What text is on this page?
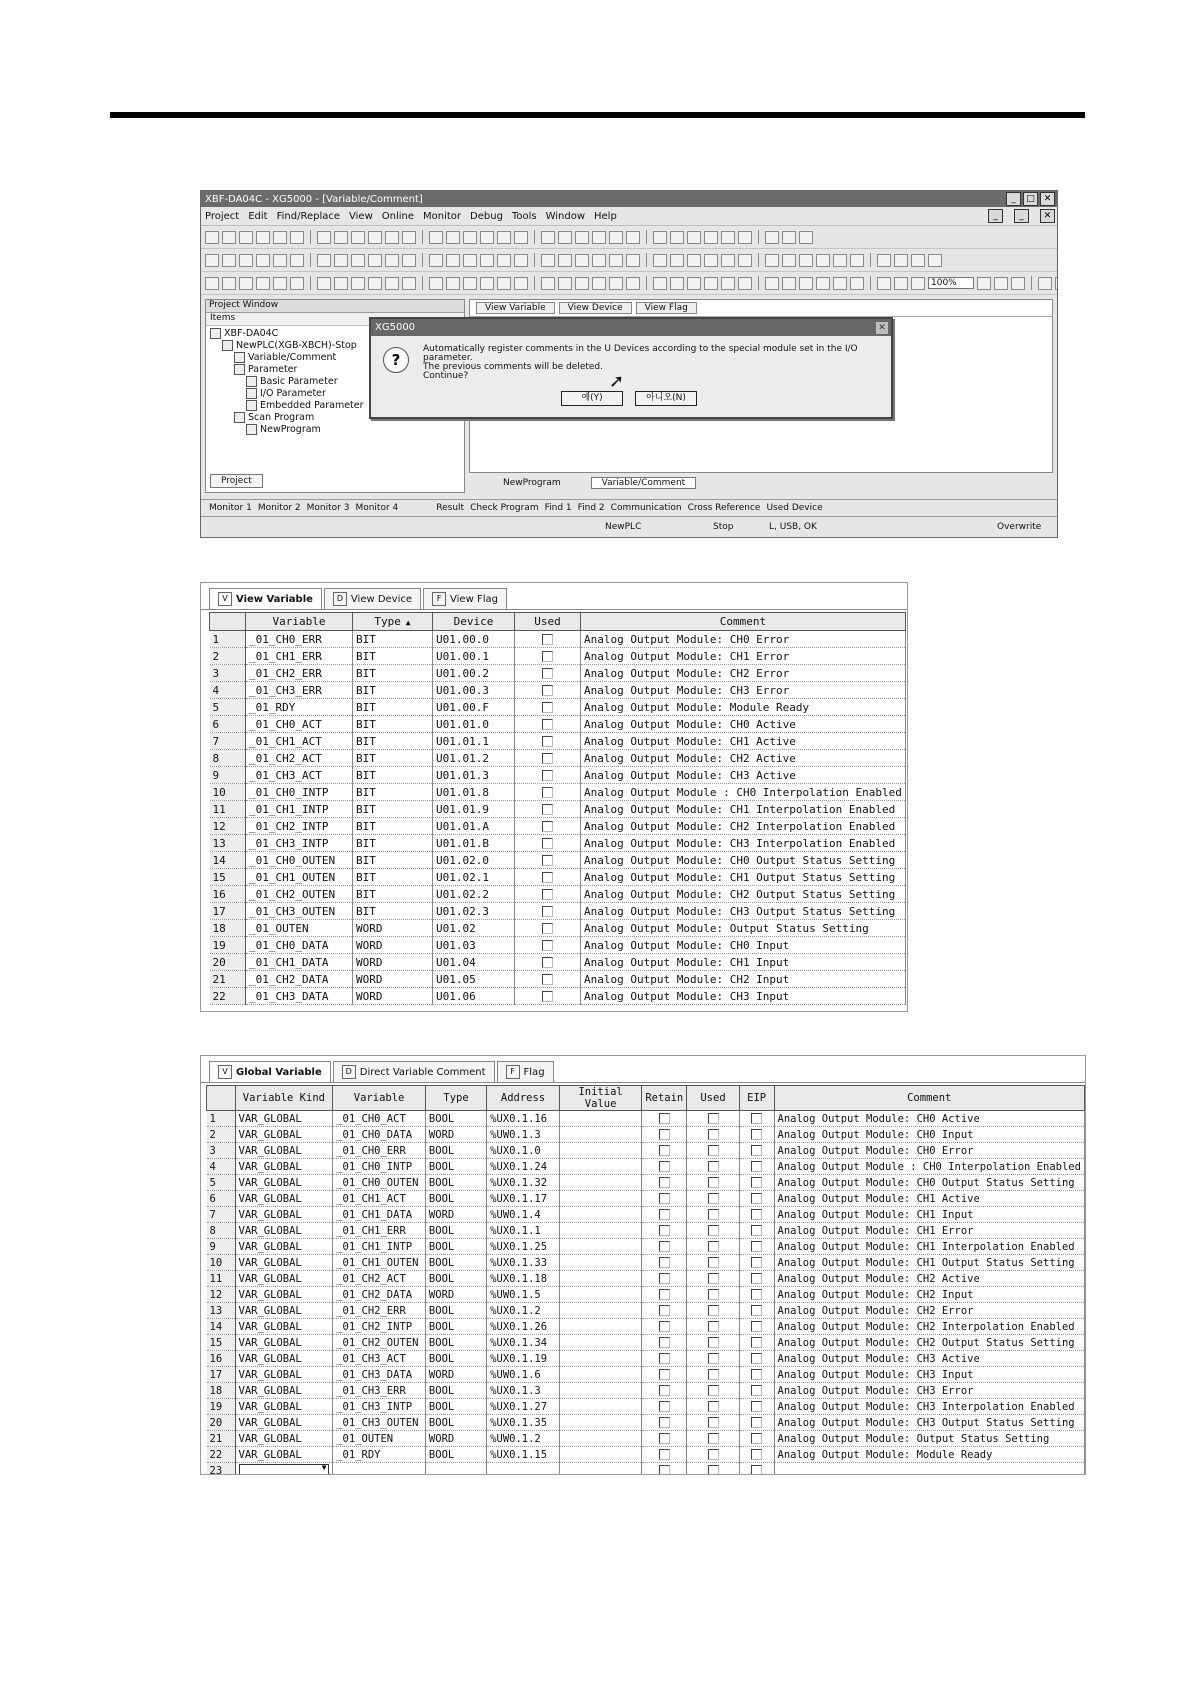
XBF-DA04C - XG5000 - [Variable/Comment]	_	□ ✕
Project Edit Find/Replace View Online Monitor Debug Tools Window Help	_	_	✕
100%
Project Window
Items
XBF-DA04C
NewPLC(XGB-XBCH)-Stop
Variable/Comment
Parameter
Basic Parameter
I/O Parameter
Embedded Parameter
Scan Program
NewProgram
Project
View Variable	View Device	View Flag
NewProgram	Variable/Comment
Monitor 1 Monitor 2 Monitor 3 Monitor 4	Result Check Program Find 1 Find 2 Communication Cross Reference Used Device
NewPLC	Stop	L, USB, OK	Overwrite
XG5000	✕
?
Automatically register comments in the U Devices according to the special module set in the I/O parameter.
The previous comments will be deleted.
Continue?
예(Y)	아니오(N)
➚
V View Variable	D View Device	F View Flag
	Variable	Type ▲	Device	Used	Comment
1	_01_CH0_ERR	BIT	U01.00.0		Analog Output Module: CH0 Error
2	_01_CH1_ERR	BIT	U01.00.1		Analog Output Module: CH1 Error
3	_01_CH2_ERR	BIT	U01.00.2		Analog Output Module: CH2 Error
4	_01_CH3_ERR	BIT	U01.00.3		Analog Output Module: CH3 Error
5	_01_RDY	BIT	U01.00.F		Analog Output Module: Module Ready
6	_01_CH0_ACT	BIT	U01.01.0		Analog Output Module: CH0 Active
7	_01_CH1_ACT	BIT	U01.01.1		Analog Output Module: CH1 Active
8	_01_CH2_ACT	BIT	U01.01.2		Analog Output Module: CH2 Active
9	_01_CH3_ACT	BIT	U01.01.3		Analog Output Module: CH3 Active
10	_01_CH0_INTP	BIT	U01.01.8		Analog Output Module : CH0 Interpolation Enabled
11	_01_CH1_INTP	BIT	U01.01.9		Analog Output Module: CH1 Interpolation Enabled
12	_01_CH2_INTP	BIT	U01.01.A		Analog Output Module: CH2 Interpolation Enabled
13	_01_CH3_INTP	BIT	U01.01.B		Analog Output Module: CH3 Interpolation Enabled
14	_01_CH0_OUTEN	BIT	U01.02.0		Analog Output Module: CH0 Output Status Setting
15	_01_CH1_OUTEN	BIT	U01.02.1		Analog Output Module: CH1 Output Status Setting
16	_01_CH2_OUTEN	BIT	U01.02.2		Analog Output Module: CH2 Output Status Setting
17	_01_CH3_OUTEN	BIT	U01.02.3		Analog Output Module: CH3 Output Status Setting
18	_01_OUTEN	WORD	U01.02		Analog Output Module: Output Status Setting
19	_01_CH0_DATA	WORD	U01.03		Analog Output Module: CH0 Input
20	_01_CH1_DATA	WORD	U01.04		Analog Output Module: CH1 Input
21	_01_CH2_DATA	WORD	U01.05		Analog Output Module: CH2 Input
22	_01_CH3_DATA	WORD	U01.06		Analog Output Module: CH3 Input
V Global Variable	D Direct Variable Comment	F Flag
	Variable Kind	Variable	Type	Address	Initial Value	Retain	Used	EIP	Comment
1	VAR_GLOBAL	_01_CH0_ACT	BOOL	%UX0.1.16					Analog Output Module: CH0 Active
2	VAR_GLOBAL	_01_CH0_DATA	WORD	%UW0.1.3					Analog Output Module: CH0 Input
3	VAR_GLOBAL	_01_CH0_ERR	BOOL	%UX0.1.0					Analog Output Module: CH0 Error
4	VAR_GLOBAL	_01_CH0_INTP	BOOL	%UX0.1.24					Analog Output Module : CH0 Interpolation Enabled
5	VAR_GLOBAL	_01_CH0_OUTEN	BOOL	%UX0.1.32					Analog Output Module: CH0 Output Status Setting
6	VAR_GLOBAL	_01_CH1_ACT	BOOL	%UX0.1.17					Analog Output Module: CH1 Active
7	VAR_GLOBAL	_01_CH1_DATA	WORD	%UW0.1.4					Analog Output Module: CH1 Input
8	VAR_GLOBAL	_01_CH1_ERR	BOOL	%UX0.1.1					Analog Output Module: CH1 Error
9	VAR_GLOBAL	_01_CH1_INTP	BOOL	%UX0.1.25					Analog Output Module: CH1 Interpolation Enabled
10	VAR_GLOBAL	_01_CH1_OUTEN	BOOL	%UX0.1.33					Analog Output Module: CH1 Output Status Setting
11	VAR_GLOBAL	_01_CH2_ACT	BOOL	%UX0.1.18					Analog Output Module: CH2 Active
12	VAR_GLOBAL	_01_CH2_DATA	WORD	%UW0.1.5					Analog Output Module: CH2 Input
13	VAR_GLOBAL	_01_CH2_ERR	BOOL	%UX0.1.2					Analog Output Module: CH2 Error
14	VAR_GLOBAL	_01_CH2_INTP	BOOL	%UX0.1.26					Analog Output Module: CH2 Interpolation Enabled
15	VAR_GLOBAL	_01_CH2_OUTEN	BOOL	%UX0.1.34					Analog Output Module: CH2 Output Status Setting
16	VAR_GLOBAL	_01_CH3_ACT	BOOL	%UX0.1.19					Analog Output Module: CH3 Active
17	VAR_GLOBAL	_01_CH3_DATA	WORD	%UW0.1.6					Analog Output Module: CH3 Input
18	VAR_GLOBAL	_01_CH3_ERR	BOOL	%UX0.1.3					Analog Output Module: CH3 Error
19	VAR_GLOBAL	_01_CH3_INTP	BOOL	%UX0.1.27					Analog Output Module: CH3 Interpolation Enabled
20	VAR_GLOBAL	_01_CH3_OUTEN	BOOL	%UX0.1.35					Analog Output Module: CH3 Output Status Setting
21	VAR_GLOBAL	_01_OUTEN	WORD	%UW0.1.2					Analog Output Module: Output Status Setting
22	VAR_GLOBAL	_01_RDY	BOOL	%UX0.1.15					Analog Output Module: Module Ready
23	▼								
